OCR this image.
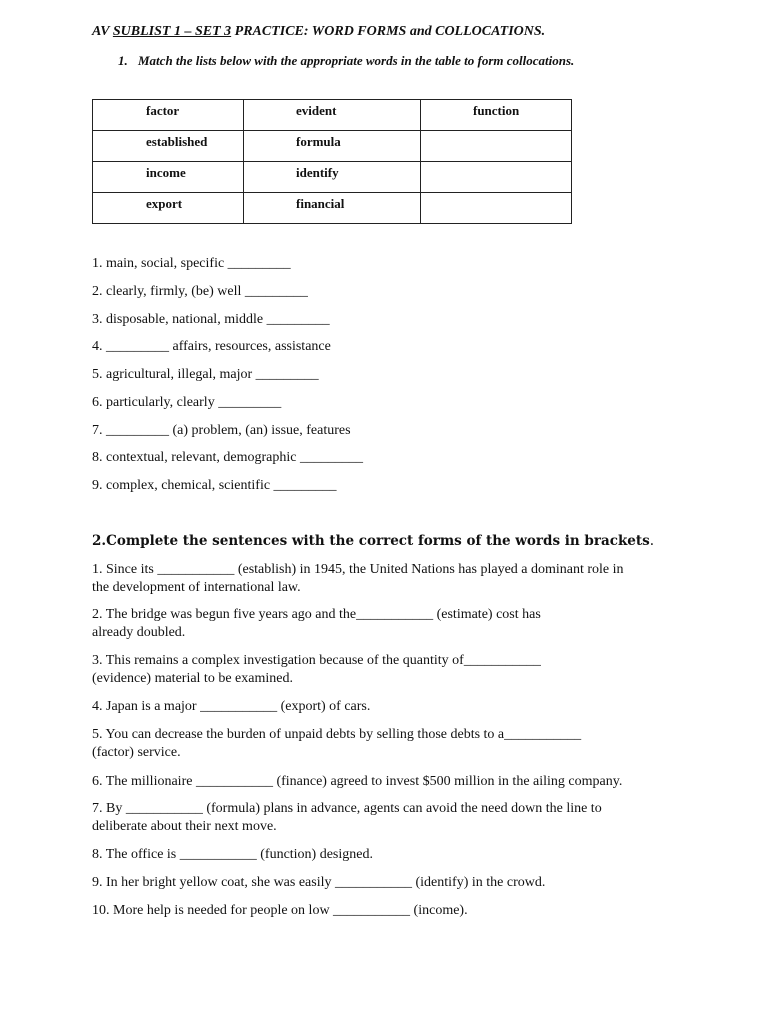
AV SUBLIST 1 – SET 3 PRACTICE: WORD FORMS and COLLOCATIONS.
1. Match the lists below with the appropriate words in the table to form collocations.
factor	evident	function

established	formula	

income	identify	

export	financial	

1. main, social, specific _________
2. clearly, firmly, (be) well _________
3. disposable, national, middle _________
4. _________ affairs, resources, assistance
5. agricultural, illegal, major _________
6. particularly, clearly _________
7. _________ (a) problem, (an) issue, features
8. contextual, relevant, demographic _________
9. complex, chemical, scientific _________
2.Complete the sentences with the correct forms of the words in brackets.
1. Since its ___________ (establish) in 1945, the United Nations has played a dominant role in
the development of international law.
2. The bridge was begun five years ago and the___________ (estimate) cost has
already doubled.
3. This remains a complex investigation because of the quantity of___________
(evidence) material to be examined.
4. Japan is a major ___________ (export) of cars.
5. You can decrease the burden of unpaid debts by selling those debts to a___________
(factor) service.
6. The millionaire ___________ (finance) agreed to invest $500 million in the ailing company.
7. By ___________ (formula) plans in advance, agents can avoid the need down the line to
deliberate about their next move.
8. The office is ___________ (function) designed.
9. In her bright yellow coat, she was easily ___________ (identify) in the crowd.
10. More help is needed for people on low ___________ (income).
